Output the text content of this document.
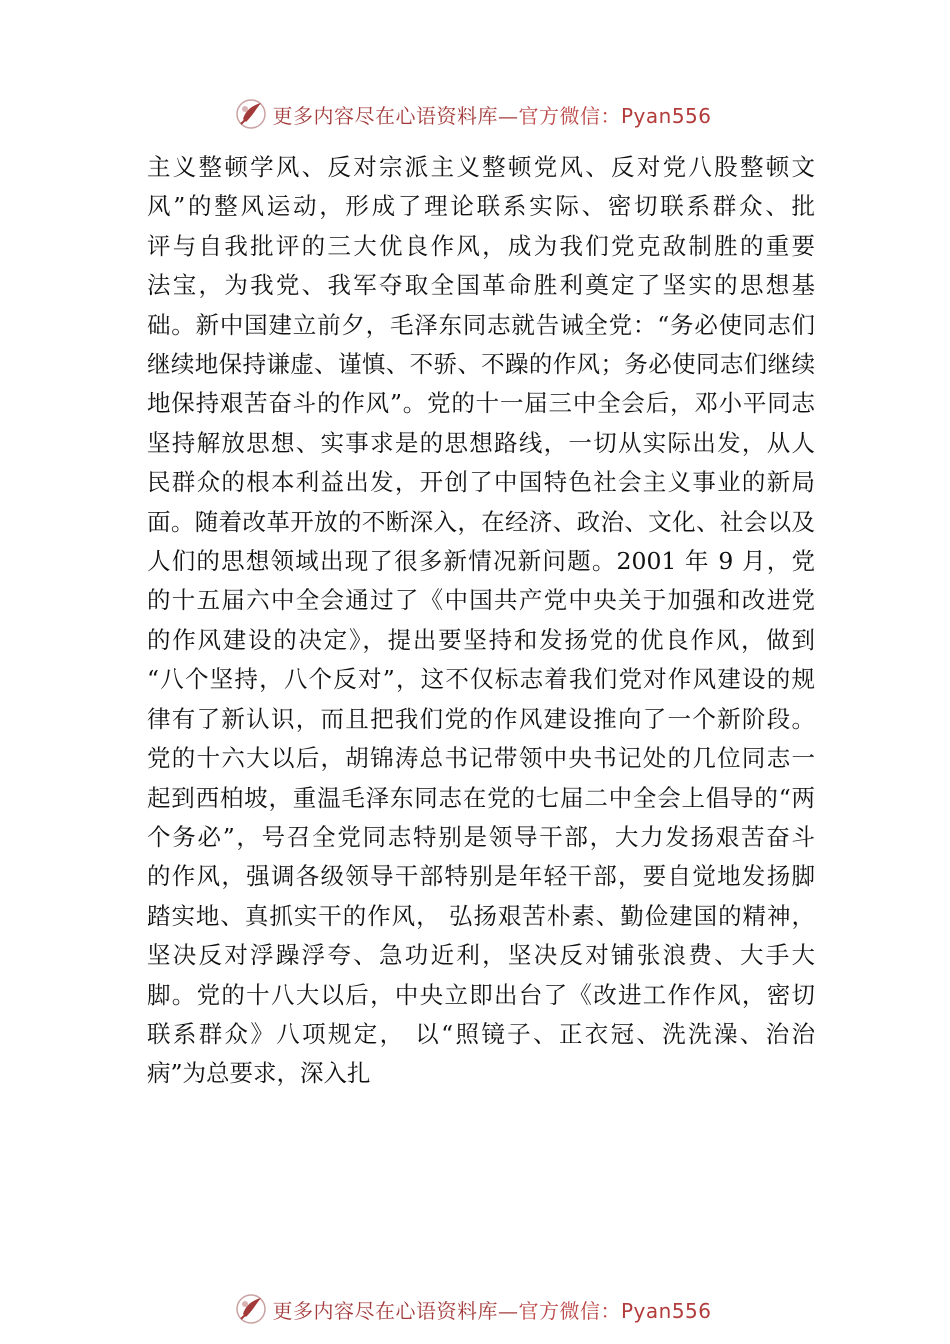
更多内容尽在心语资料库—官方微信：Pyan556
主义整顿学风、反对宗派主义整顿党风、反对党八股整顿文
风”的整风运动，形成了理论联系实际、密切联系群众、批
评与自我批评的三大优良作风，成为我们党克敌制胜的重要
法宝，为我党、我军夺取全国革命胜利奠定了坚实的思想基
础。新中国建立前夕，毛泽东同志就告诫全党：“务必使同志们
继续地保持谦虚、谨慎、不骄、不躁的作风；务必使同志们继续
地保持艰苦奋斗的作风”。党的十一届三中全会后，邓小平同志
坚持解放思想、实事求是的思想路线，一切从实际出发，从人
民群众的根本利益出发，开创了中国特色社会主义事业的新局
面。随着改革开放的不断深入，在经济、政治、文化、社会以及
人们的思想领域出现了很多新情况新问题。2001 年 9 月，党
的十五届六中全会通过了《中国共产党中央关于加强和改进党
的作风建设的决定》，提出要坚持和发扬党的优良作风，做到
“八个坚持，八个反对”，这不仅标志着我们党对作风建设的规
律有了新认识，而且把我们党的作风建设推向了一个新阶段。
党的十六大以后，胡锦涛总书记带领中央书记处的几位同志一
起到西柏坡，重温毛泽东同志在党的七届二中全会上倡导的“两
个务必”，号召全党同志特别是领导干部，大力发扬艰苦奋斗
的作风，强调各级领导干部特别是年轻干部，要自觉地发扬脚
踏实地、真抓实干的作风， 弘扬艰苦朴素、勤俭建国的精神，
坚决反对浮躁浮夸、急功近利，坚决反对铺张浪费、大手大
脚。党的十八大以后，中央立即出台了《改进工作作风，密切
联系群众》八项规定， 以“照镜子、正衣冠、洗洗澡、治治
病”为总要求，深入扎
更多内容尽在心语资料库—官方微信：Pyan556
